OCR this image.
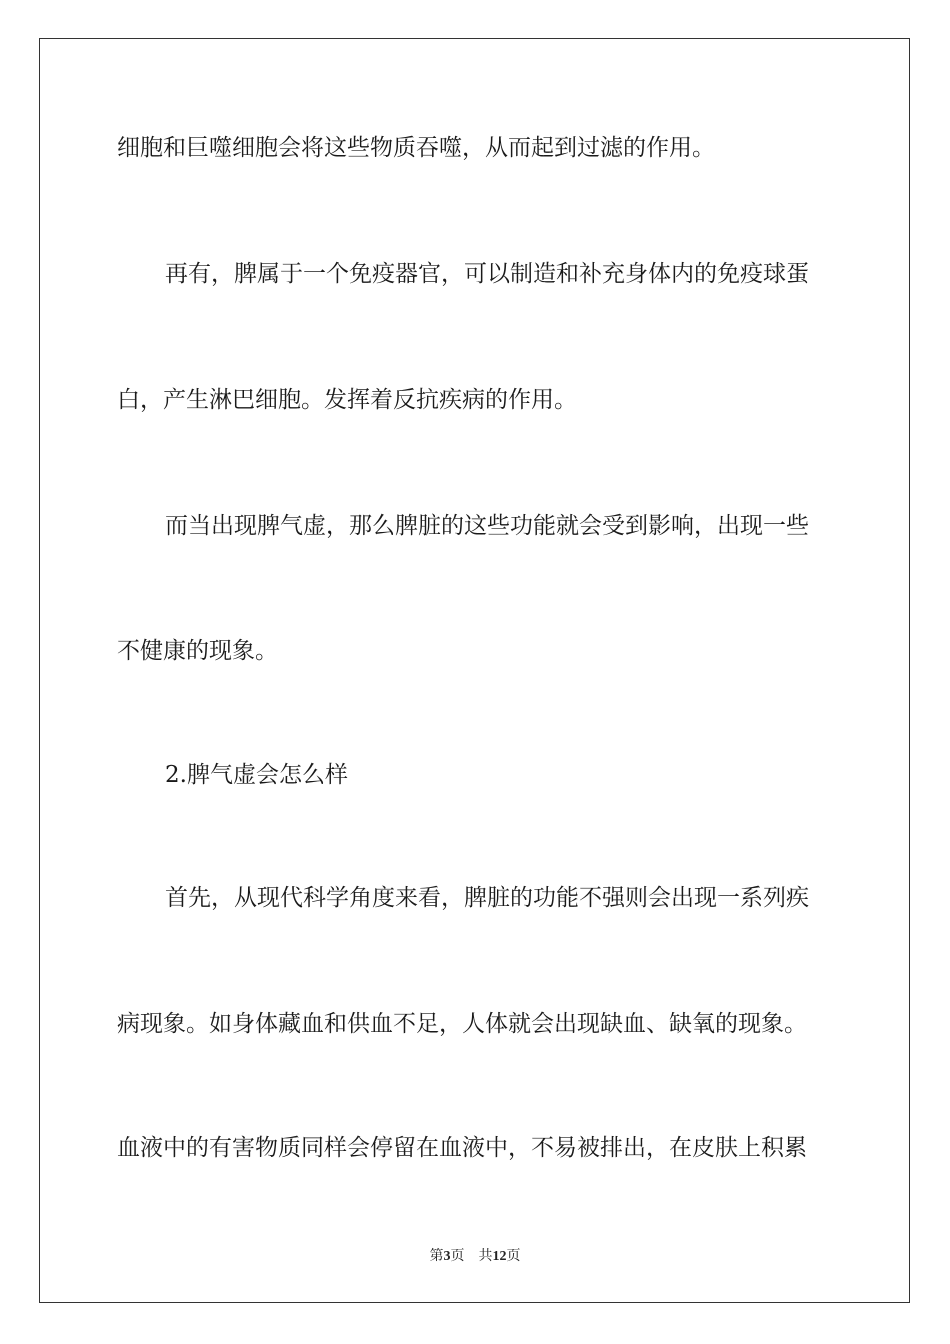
细胞和巨噬细胞会将这些物质吞噬，从而起到过滤的作用。
再有，脾属于一个免疫器官，可以制造和补充身体内的免疫球蛋
白，产生淋巴细胞。发挥着反抗疾病的作用。
而当出现脾气虚，那么脾脏的这些功能就会受到影响，出现一些
不健康的现象。
2.脾气虚会怎么样
首先，从现代科学角度来看，脾脏的功能不强则会出现一系列疾
病现象。如身体藏血和供血不足，人体就会出现缺血、缺氧的现象。
血液中的有害物质同样会停留在血液中，不易被排出，在皮肤上积累
第3页 共12页
